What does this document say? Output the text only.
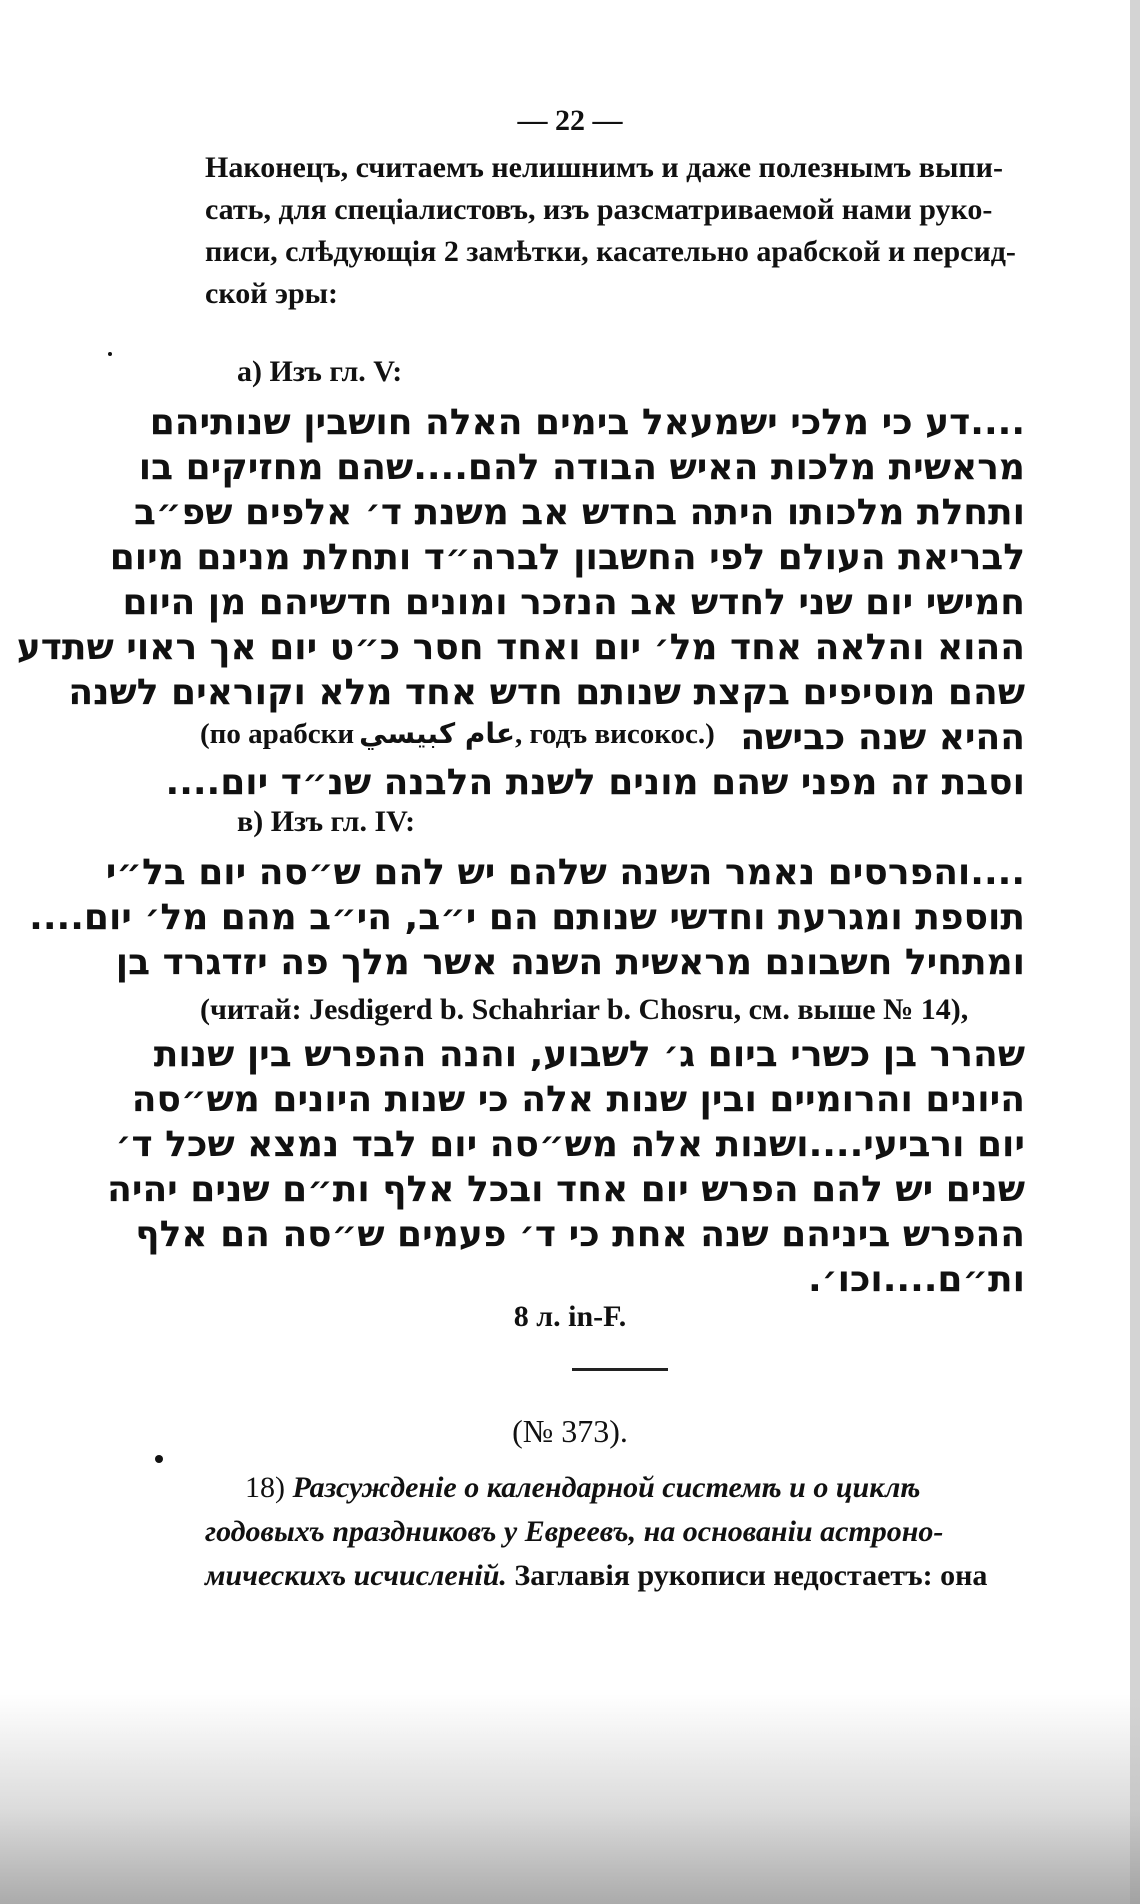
— 22 —
Наконецъ, считаемъ нелишнимъ и даже полезнымъ выпи-
сать, для спеціалистовъ, изъ разсматриваемой нами руко-
писи, слѣдующія 2 замѣтки, касательно арабской и персид-
ской эры:
а) Изъ гл. V:
....דע כי מלכי ישמעאל בימים האלה חושבין שנותיהם
מראשית מלכות האיש הבודה להם....שהם מחזיקים בו
ותחלת מלכותו היתה בחדש אב משנת ד׳ אלפים שפ״ב
לבריאת העולם לפי החשבון לברה״ד ותחלת מנינם מיום
חמישי יום שני לחדש אב הנזכר ומונים חדשיהם מן היום
ההוא והלאה אחד מל׳ יום ואחד חסר כ״ט יום אך ראוי שתדע
שהם מוסיפים בקצת שנותם חדש אחד מלא וקוראים לשנה
(по арабски عام كبيسي, годъ високос.) ההיא שנה כבישה
וסבת זה מפני שהם מונים לשנת הלבנה שנ״ד יום....
в) Изъ гл. IV:
....והפרסים נאמר השנה שלהם יש להם ש״סה יום בל״י
תוספת ומגרעת וחדשי שנותם הם י״ב, הי״ב מהם מל׳ יום....
ומתחיל חשבונם מראשית השנה אשר מלך פה יזדגרד בן
(читай: Jesdigerd b. Schahriar b. Chosru, см. выше № 14),
שהרר בן כשרי ביום ג׳ לשבוע, והנה ההפרש בין שנות
היונים והרומיים ובין שנות אלה כי שנות היונים מש״סה
יום ורביעי....ושנות אלה מש״סה יום לבד נמצא שכל ד׳
שנים יש להם הפרש יום אחד ובכל אלף ות״ם שנים יהיה
ההפרש ביניהם שנה אחת כי ד׳ פעמים ש״סה הם אלף
ות״ם....וכו׳.
8 л. in-F.
(№ 373).
18) Разсужденіе о календарной системѣ и о циклѣ
годовыхъ праздниковъ у Евреевъ, на основаніи астроно-
мическихъ исчисленій. Заглавія рукописи недостаетъ: она
